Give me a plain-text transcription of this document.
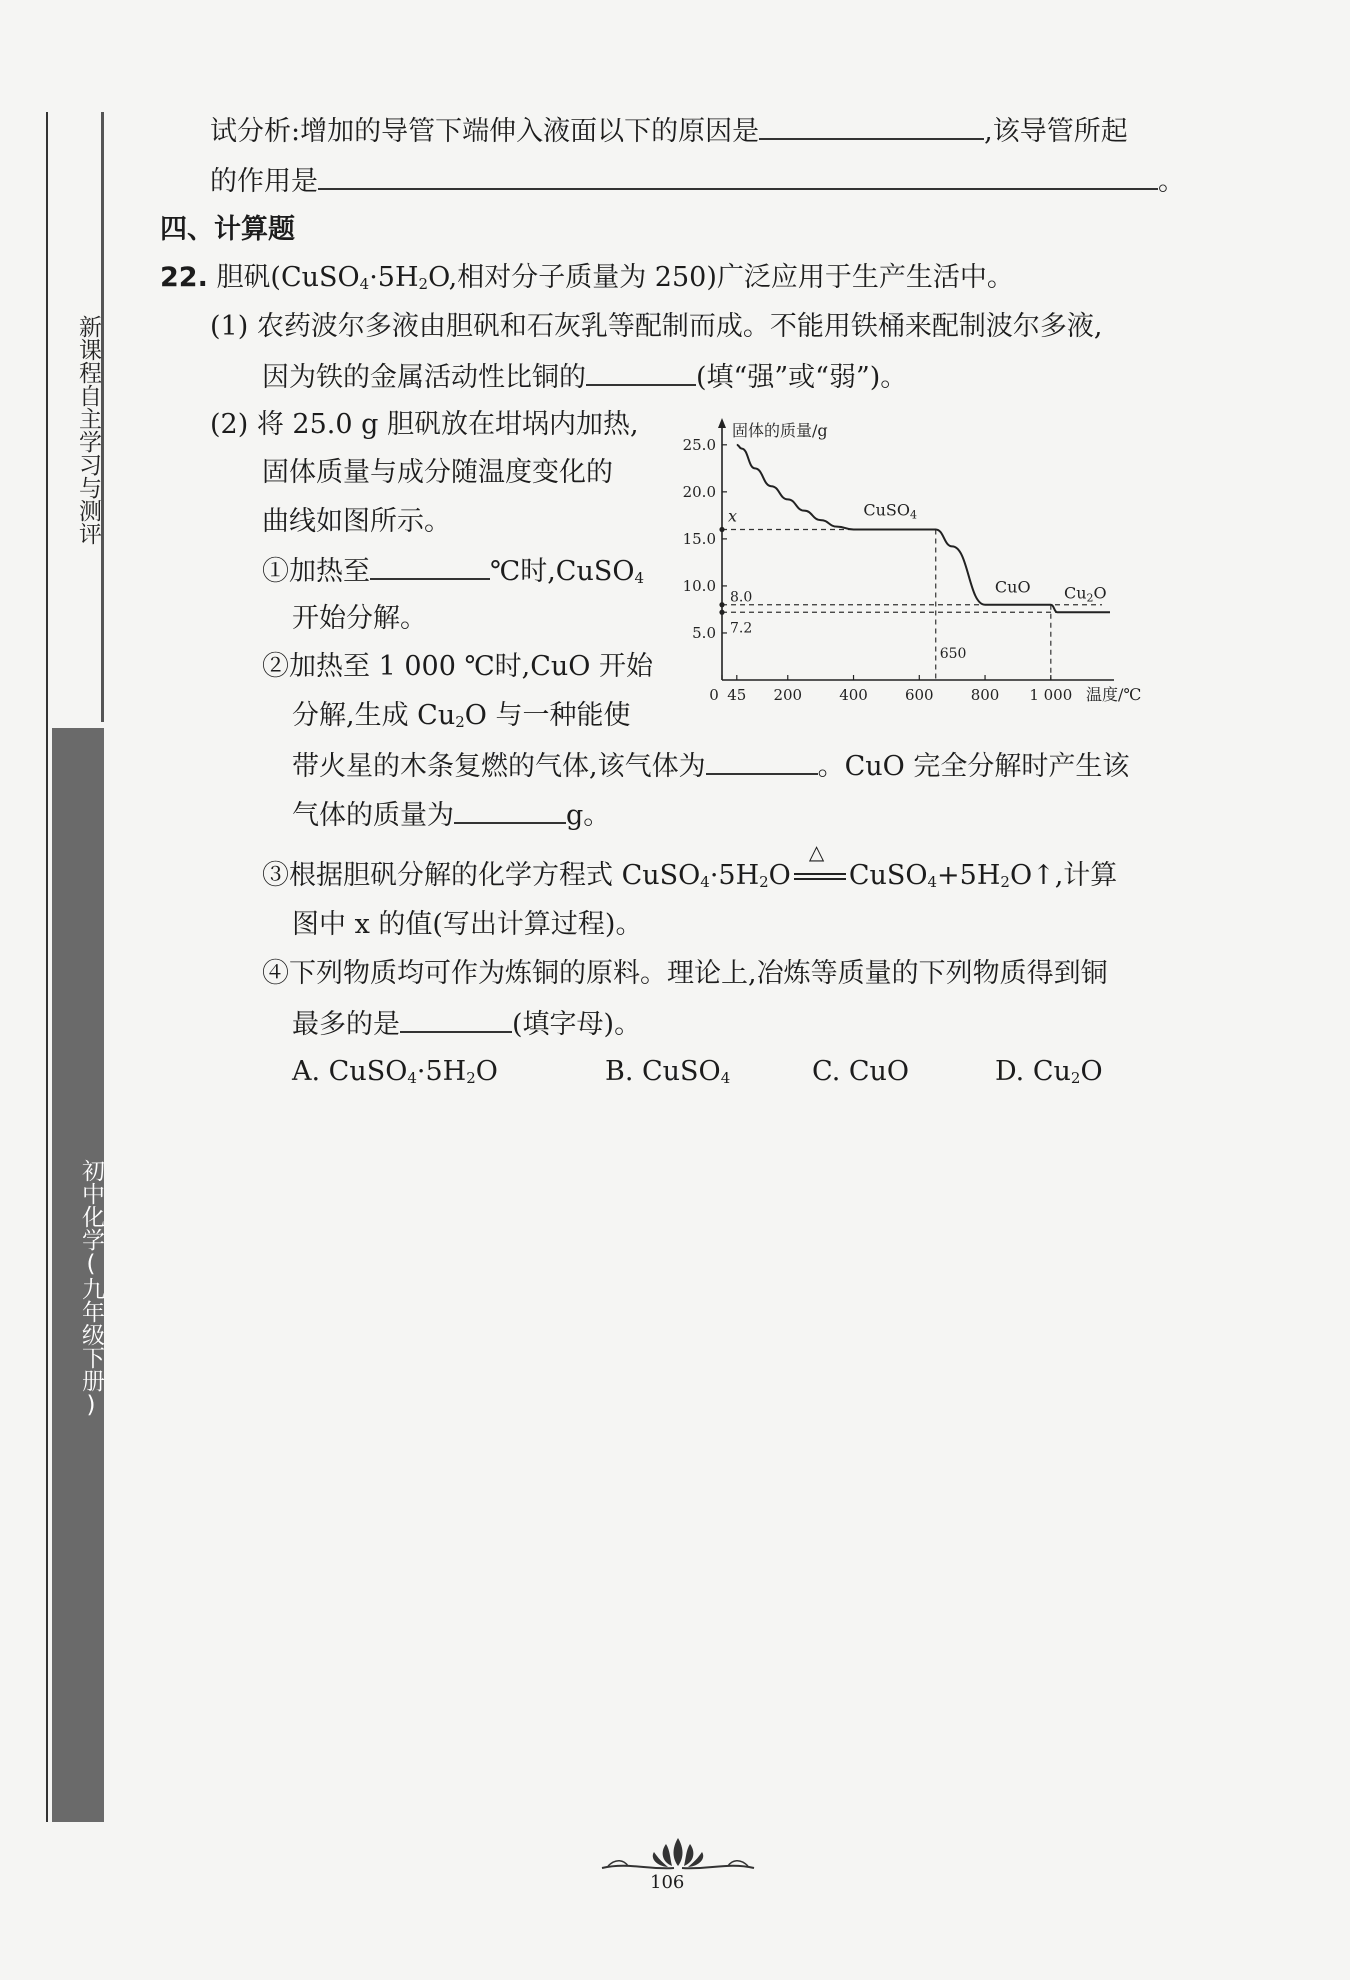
新课程自主学习与测评
初中化学(九年级下册)
试分析:增加的导管下端伸入液面以下的原因是	,该导管所起
的作用是	。
四、计算题
22. 胆矾($CuSO_4\cdot 5H_2O$,相对分子质量为 250)广泛应用于生产生活中。
(1) 农药波尔多液由胆矾和石灰乳等配制而成。不能用铁桶来配制波尔多液,
因为铁的金属活动性比铜的	(填“强”或“弱”)。
(2) 将 25.0 g 胆矾放在坩埚内加热,
固体质量与成分随温度变化的
曲线如图所示。
①加热至	℃时,CuSO$_4$
开始分解。
②加热至 1 000 ℃时,CuO 开始
分解,生成 $Cu_2O$ 与一种能使
带火星的木条复燃的气体,该气体为	。CuO 完全分解时产生该
气体的质量为	g。
③根据胆矾分解的化学方程式 $CuSO_4\cdot 5H_2O$
△
$CuSO_4+5H_2O↑$,计算
图中 x 的值(写出计算过程)。
④下列物质均可作为炼铜的原料。理论上,冶炼等质量的下列物质得到铜
最多的是	(填字母)。
A. $CuSO_4\cdot 5H_2O$	B. CuSO$_4$	C. CuO	D. $Cu_2O$
固体的质量/g
温度/℃
5.0
10.0
15.0
20.0
25.0
0 45 200 400 600 800 1 000
x
8.0
7.2
650
CuSO4
CuO Cu2O
106
